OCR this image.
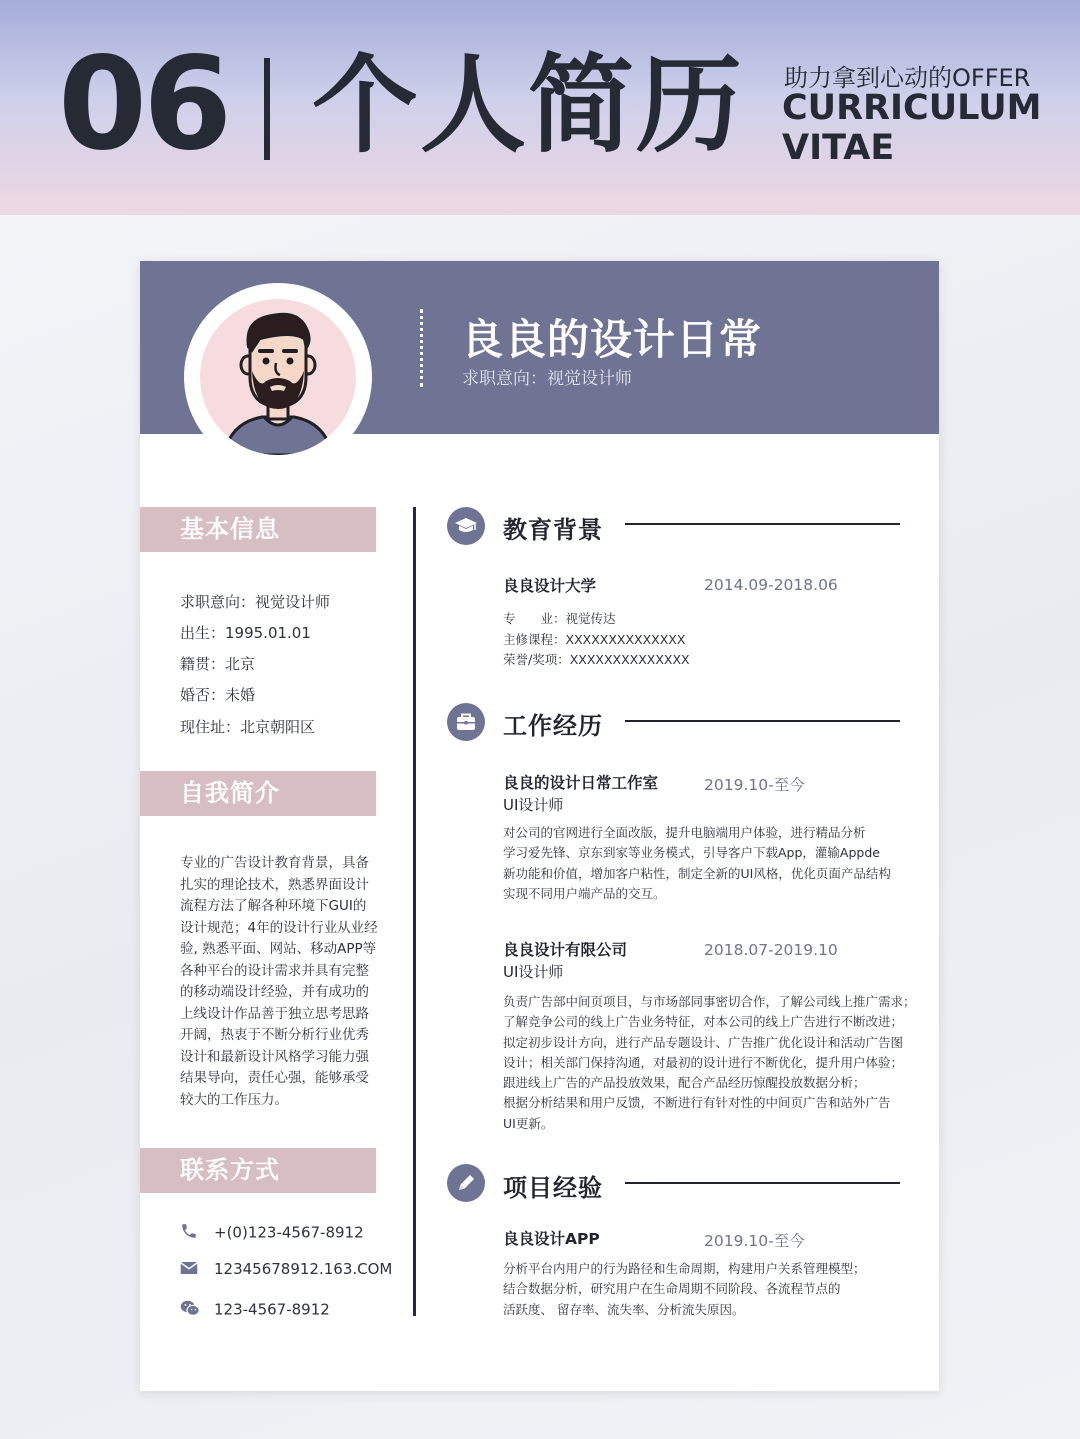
06 个人简历 助力拿到心动的OFFER
CURRICULUM
VITAE
良良的设计日常
求职意向：视觉设计师
基本信息
求职意向：视觉设计师
出生：1995.01.01
籍贯：北京
婚否：未婚
现住址：北京朝阳区
自我简介
专业的广告设计教育背景，具备
扎实的理论技术，熟悉界面设计
流程方法了解各种环境下GUI的
设计规范；4年的设计行业从业经
验, 熟悉平面、网站、移动APP等
各种平台的设计需求并具有完整
的移动端设计经验，并有成功的
上线设计作品善于独立思考思路
开阔，热衷于不断分析行业优秀
设计和最新设计风格学习能力强
结果导向，责任心强，能够承受
较大的工作压力。
联系方式
+(0)123-4567-8912
12345678912.163.COM
123-4567-8912
教育背景
良良设计大学	2014.09-2018.06
专　　业：视觉传达
主修课程：XXXXXXXXXXXXXX
荣誉/奖项：XXXXXXXXXXXXXX
工作经历
良良的设计日常工作室	2019.10-至今
UI设计师
对公司的官网进行全面改版，提升电脑端用户体验，进行精品分析
学习爱先锋、京东到家等业务模式，引导客户下载App，灌输Appde
新功能和价值，增加客户粘性，制定全新的UI风格，优化页面产品结构
实现不同用户端产品的交互。
良良设计有限公司	2018.07-2019.10
UI设计师
负责广告部中间页项目，与市场部同事密切合作，了解公司线上推广需求；
了解竞争公司的线上广告业务特征，对本公司的线上广告进行不断改进；
拟定初步设计方向，进行产品专题设计、广告推广优化设计和活动广告图
设计；相关部门保持沟通，对最初的设计进行不断优化，提升用户体验；
跟进线上广告的产品投放效果，配合产品经历惊醒投放数据分析；
根据分析结果和用户反馈，不断进行有针对性的中间页广告和站外广告
UI更新。
项目经验
良良设计APP	2019.10-至今
分析平台内用户的行为路径和生命周期，构建用户关系管理模型；
结合数据分析，研究用户在生命周期不同阶段、各流程节点的
活跃度、 留存率、流失率、分析流失原因。
